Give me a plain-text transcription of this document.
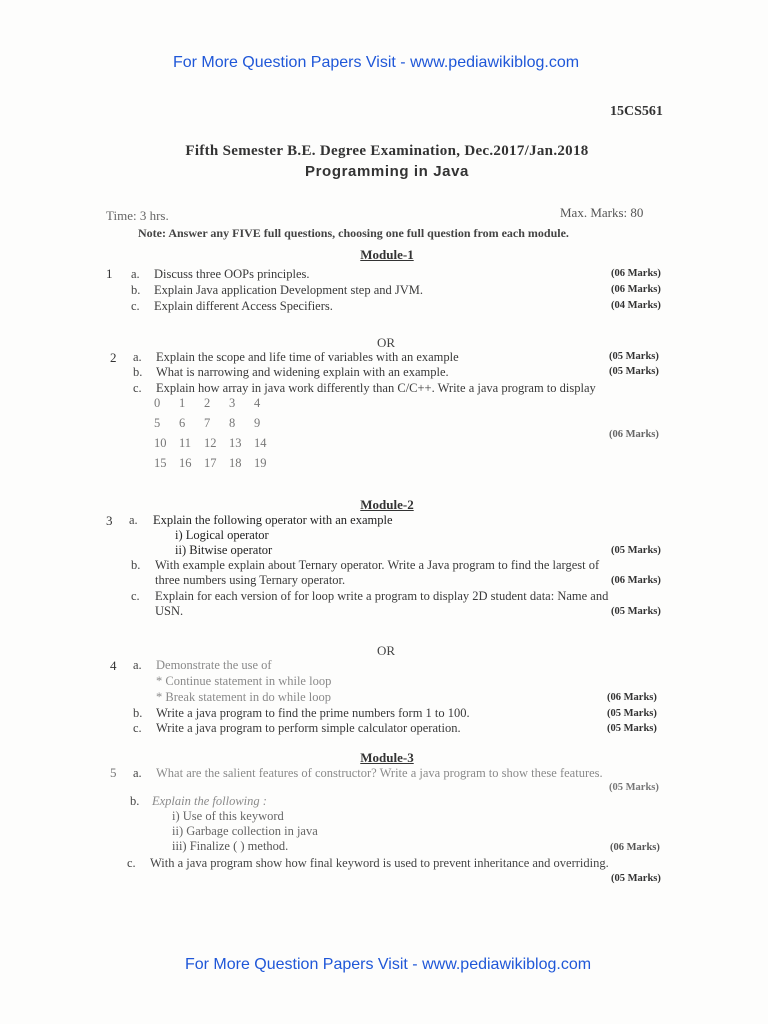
For More Question Papers Visit - www.pediawikiblog.com
15CS561
Fifth Semester B.E. Degree Examination, Dec.2017/Jan.2018
Programming in Java
Time: 3 hrs.	Max. Marks: 80
Note: Answer any FIVE full questions, choosing one full question from each module.
Module-1
1 a. Discuss three OOPs principles.	(06 Marks)
b. Explain Java application Development step and JVM.	(06 Marks)
c. Explain different Access Specifiers.	(04 Marks)
OR
2 a. Explain the scope and life time of variables with an example	(05 Marks)
b. What is narrowing and widening explain with an example.	(05 Marks)
c. Explain how array in java work differently than C/C++. Write a java program to display
0 1 2 3 4
5 6 7 8 9
10 11 12 13 14
15 16 17 18 19
(06 Marks)
Module-2
3 a. Explain the following operator with an example
i) Logical operator
ii) Bitwise operator	(05 Marks)
b. With example explain about Ternary operator. Write a Java program to find the largest of
three numbers using Ternary operator.	(06 Marks)
c. Explain for each version of for loop write a program to display 2D student data: Name and
USN.	(05 Marks)
OR
4 a. Demonstrate the use of
* Continue statement in while loop
* Break statement in do while loop	(06 Marks)
b. Write a java program to find the prime numbers form 1 to 100.	(05 Marks)
c. Write a java program to perform simple calculator operation.	(05 Marks)
Module-3
5 a. What are the salient features of constructor? Write a java program to show these features.
(05 Marks)
b. Explain the following :
i) Use of this keyword
ii) Garbage collection in java
iii) Finalize ( ) method.	(06 Marks)
c. With a java program show how final keyword is used to prevent inheritance and overriding.
(05 Marks)
For More Question Papers Visit - www.pediawikiblog.com
